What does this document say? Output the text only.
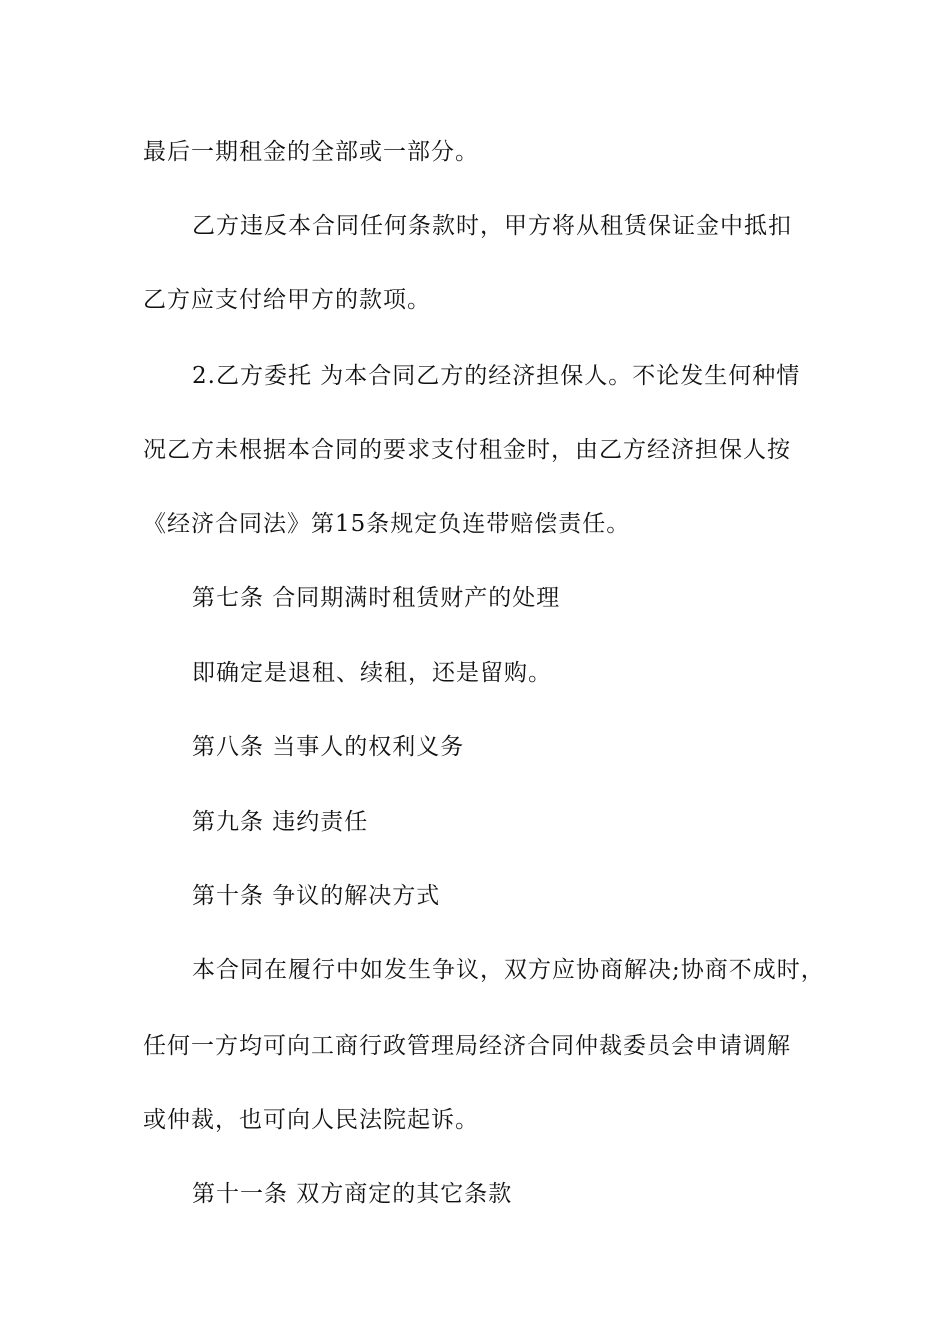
最后一期租金的全部或一部分。
乙方违反本合同任何条款时，甲方将从租赁保证金中抵扣
乙方应支付给甲方的款项。
2.乙方委托 为本合同乙方的经济担保人。不论发生何种情
况乙方未根据本合同的要求支付租金时，由乙方经济担保人按
《经济合同法》第15条规定负连带赔偿责任。
第七条 合同期满时租赁财产的处理
即确定是退租、续租，还是留购。
第八条 当事人的权利义务
第九条 违约责任
第十条 争议的解决方式
本合同在履行中如发生争议，双方应协商解决;协商不成时，
任何一方均可向工商行政管理局经济合同仲裁委员会申请调解
或仲裁，也可向人民法院起诉。
第十一条 双方商定的其它条款
